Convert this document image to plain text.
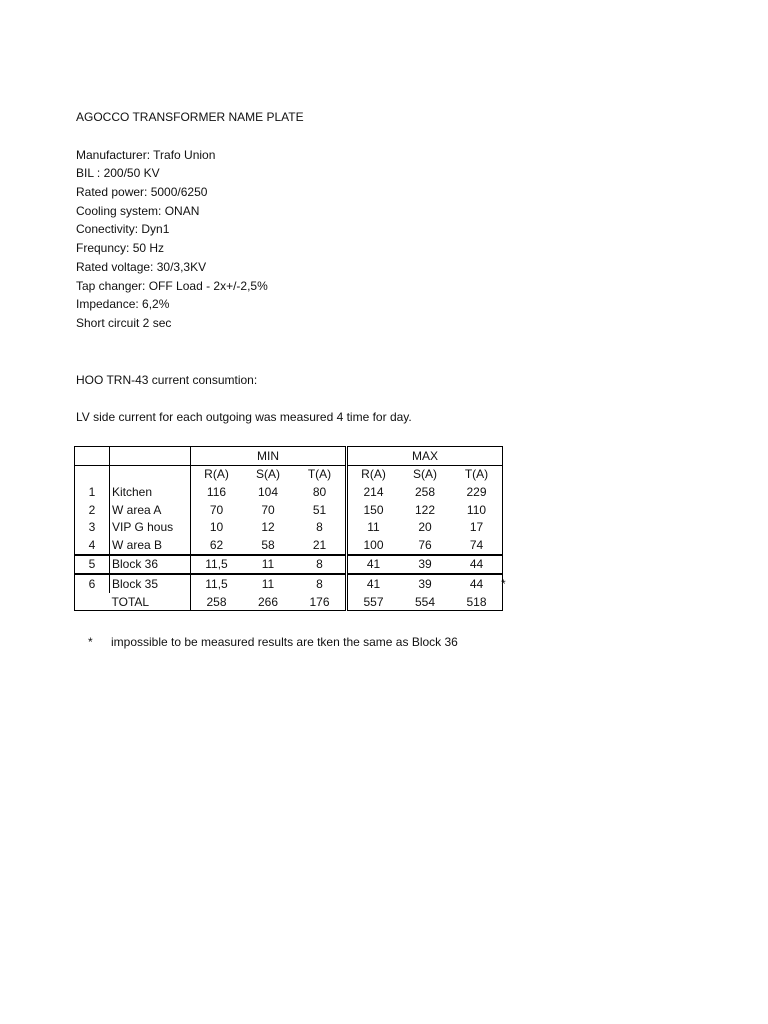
AGOCCO TRANSFORMER NAME PLATE
Manufacturer: Trafo Union
BIL : 200/50 KV
Rated power: 5000/6250
Cooling system: ONAN
Conectivity: Dyn1
Frequncy: 50 Hz
Rated voltage: 30/3,3KV
Tap changer: OFF Load - 2x+/-2,5%
Impedance: 6,2%
Short circuit 2 sec
HOO TRN-43 current consumtion:
LV side current for each outgoing was measured 4 time for day.
			MIN			MAX	
		R(A)	S(A)	T(A)	R(A)	S(A)	T(A)
1	Kitchen	116	104	80	214	258	229
2	W area A	70	70	51	150	122	110
3	VIP G hous	10	12	8	11	20	17
4	W area B	62	58	21	100	76	74
5	Block 36	11,5	11	8	41	39	44
6	Block 35	11,5	11	8	41	39	44
	TOTAL	258	266	176	557	554	518
*
* impossible to be measured results are tken the same as Block 36
